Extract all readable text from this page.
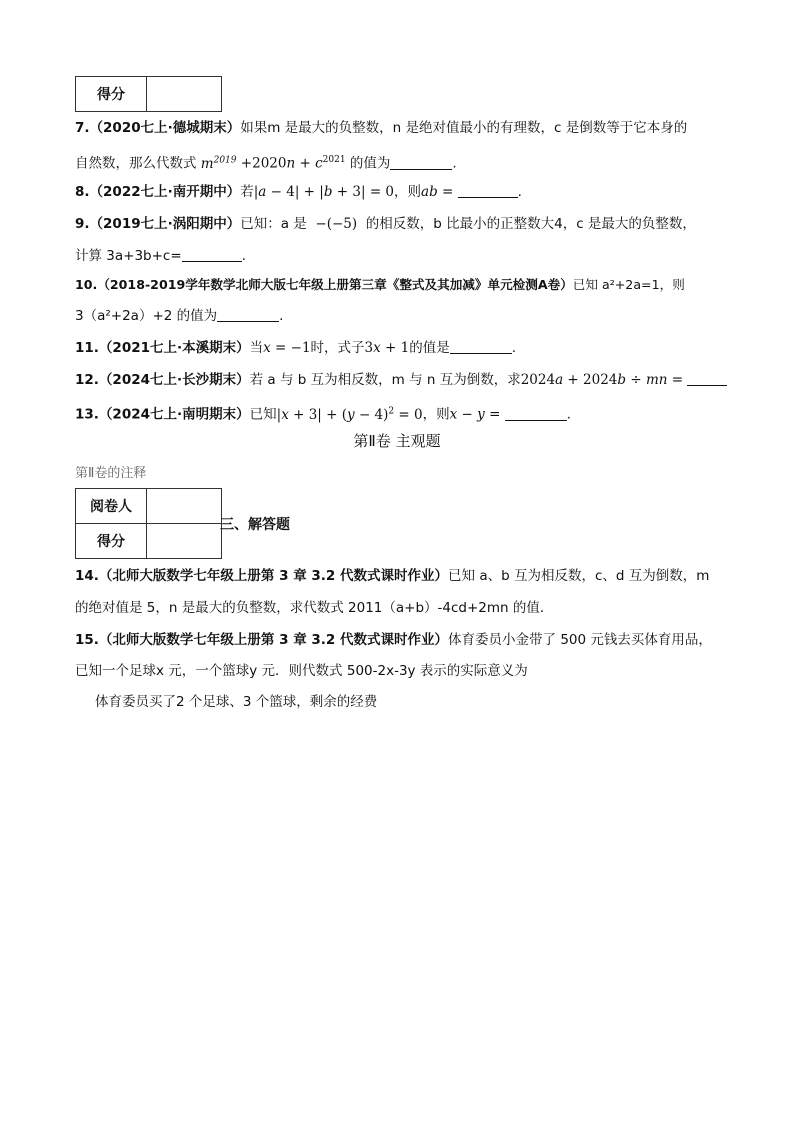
得分	
7.（2020七上·德城期末）如果m 是最大的负整数，n 是绝对值最小的有理数，c 是倒数等于它本身的
自然数，那么代数式 $m^{2019} +2020n + c^{2021}$ 的值为	.
8.（2022七上·南开期中）若|a − 4| + |b + 3| = 0，则ab =	.
9.（2019七上·涡阳期中）已知：a 是  −(−5)  的相反数，b 比最小的正整数大4，c 是最大的负整数，
计算 3a+3b+c=	.
10.（2018-2019学年数学北师大版七年级上册第三章《整式及其加减》单元检测A卷）已知 a²+2a=1，则
3（a²+2a）+2 的值为	.
11.（2021七上·本溪期末）当x = −1时，式子3x + 1的值是	.
12.（2024七上·长沙期末）若 a 与 b 互为相反数，m 与 n 互为倒数，求2024a + 2024b ÷ mn =
13.（2024七上·南明期末）已知$|x + 3| + (y - 4)^2 = 0$，则x − y =	.
第Ⅱ卷 主观题
第Ⅱ卷的注释
阅卷人	
得分	
三、解答题
14.（北师大版数学七年级上册第 3 章 3.2 代数式课时作业）已知 a、b 互为相反数，c、d 互为倒数，m
的绝对值是 5，n 是最大的负整数，求代数式 2011（a+b）-4cd+2mn 的值．
15.（北师大版数学七年级上册第 3 章 3.2 代数式课时作业）体育委员小金带了 500 元钱去买体育用品，
已知一个足球x 元，一个篮球y 元．则代数式 500-2x-3y 表示的实际意义为
体育委员买了2 个足球、3 个篮球，剩余的经费
